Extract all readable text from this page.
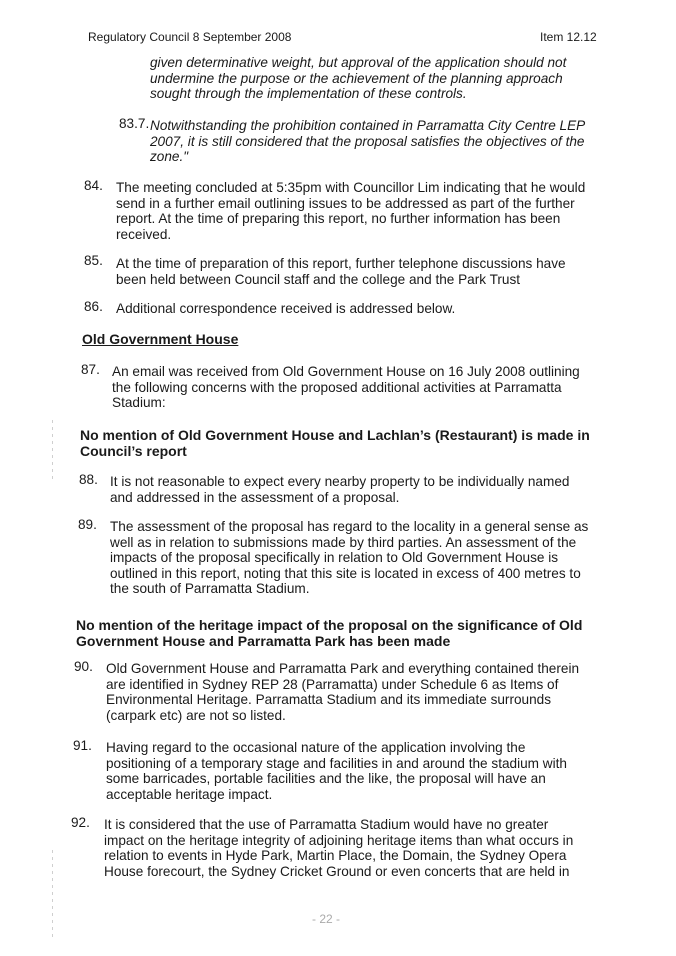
Regulatory Council 8 September 2008	Item 12.12
given determinative weight, but approval of the application should not
undermine the purpose or the achievement of the planning approach
sought through the implementation of these controls.
83.7. Notwithstanding the prohibition contained in Parramatta City Centre LEP
2007, it is still considered that the proposal satisfies the objectives of the
zone."
84. The meeting concluded at 5:35pm with Councillor Lim indicating that he would
send in a further email outlining issues to be addressed as part of the further
report. At the time of preparing this report, no further information has been
received.
85. At the time of preparation of this report, further telephone discussions have
been held between Council staff and the college and the Park Trust
86. Additional correspondence received is addressed below.
Old Government House
87. An email was received from Old Government House on 16 July 2008 outlining
the following concerns with the proposed additional activities at Parramatta
Stadium:
No mention of Old Government House and Lachlan’s (Restaurant) is made in
Council’s report
88. It is not reasonable to expect every nearby property to be individually named
and addressed in the assessment of a proposal.
89. The assessment of the proposal has regard to the locality in a general sense as
well as in relation to submissions made by third parties. An assessment of the
impacts of the proposal specifically in relation to Old Government House is
outlined in this report, noting that this site is located in excess of 400 metres to
the south of Parramatta Stadium.
No mention of the heritage impact of the proposal on the significance of Old
Government House and Parramatta Park has been made
90. Old Government House and Parramatta Park and everything contained therein
are identified in Sydney REP 28 (Parramatta) under Schedule 6 as Items of
Environmental Heritage. Parramatta Stadium and its immediate surrounds
(carpark etc) are not so listed.
91. Having regard to the occasional nature of the application involving the
positioning of a temporary stage and facilities in and around the stadium with
some barricades, portable facilities and the like, the proposal will have an
acceptable heritage impact.
92. It is considered that the use of Parramatta Stadium would have no greater
impact on the heritage integrity of adjoining heritage items than what occurs in
relation to events in Hyde Park, Martin Place, the Domain, the Sydney Opera
House forecourt, the Sydney Cricket Ground or even concerts that are held in
- 22 -
